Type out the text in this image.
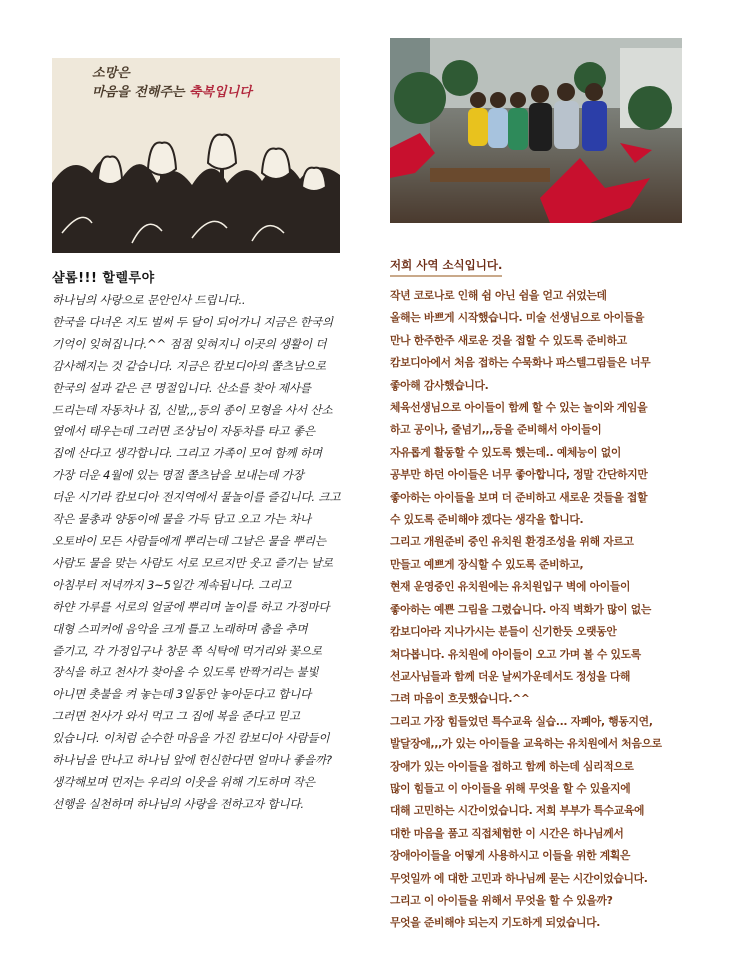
소망은
마음을 전해주는 축복입니다
샬롬!!! 할렐루야

하나님의 사랑으로 문안인사 드립니다..

한국을 다녀온 지도 벌써 두 달이 되어가니 지금은 한국의

기억이 잊혀집니다.^^ 점점 잊혀지니 이곳의 생활이 더

감사해지는 것 같습니다. 지금은 캄보디아의 쫄츠남으로

한국의 설과 같은 큰 명절입니다. 산소를 찾아 제사를

드리는데 자동차나 집, 신발,,,등의 종이 모형을 사서 산소

옆에서 태우는데 그러면 조상님이 자동차를 타고 좋은

집에 산다고 생각합니다. 그리고 가족이 모여 함께 하며

가장 더운 4월에 있는 명절 쫄츠남을 보내는데 가장

더운 시기라 캄보디아 전지역에서 물놀이를 즐깁니다. 크고

작은 물총과 양동이에 물을 가득 담고 오고 가는 차나

오토바이 모든 사람들에게 뿌리는데 그날은 물을 뿌리는

사람도 물을 맞는 사람도 서로 모르지만 웃고 즐기는 날로

아침부터 저녁까지 3~5일간 계속됩니다. 그리고

하얀 가루를 서로의 얼굴에 뿌리며 놀이를 하고 가정마다

대형 스피커에 음악을 크게 틀고 노래하며 춤을 추며

즐기고, 각 가정입구나 창문 쪽 식탁에 먹거리와 꽃으로

장식을 하고 천사가 찾아올 수 있도록 반짝거리는 불빛

아니면 촛불을 켜 놓는데 3일동안 놓아둔다고 합니다

그러면 천사가 와서 먹고 그 집에 복을 준다고 믿고

있습니다. 이처럼 순수한 마음을 가진 캄보디아 사람들이

하나님을 만나고 하나님 앞에 헌신한다면 얼마나 좋을까?

생각해보며 먼저는 우리의 이웃을 위해 기도하며 작은

선행을 실천하며 하나님의 사랑을 전하고자 합니다.

저희 사역 소식입니다.

작년 코로나로 인해 쉼 아닌 쉼을 얻고 쉬었는데

올해는 바쁘게 시작했습니다. 미술 선생님으로 아이들을

만나 한주한주 새로운 것을 접할 수 있도록 준비하고

캄보디아에서 처음 접하는 수묵화나 파스텔그림들은 너무

좋아해 감사했습니다.

체육선생님으로 아이들이 함께 할 수 있는 놀이와 게임을

하고 공이나, 줄넘기,,,등을 준비해서 아이들이

자유롭게 활동할 수 있도록 했는데.. 예체능이 없이

공부만 하던 아이들은 너무 좋아합니다, 정말 간단하지만

좋아하는 아이들을 보며 더 준비하고 새로운 것들을 접할

수 있도록 준비해야 겠다는 생각을 합니다.

그리고 개원준비 중인 유치원 환경조성을 위해 자르고

만들고 예쁘게 장식할 수 있도록 준비하고,

현재 운영중인 유치원에는 유치원입구 벽에 아이들이

좋아하는 예쁜 그림을 그렸습니다. 아직 벽화가 많이 없는

캄보디아라 지나가시는 분들이 신기한듯 오랫동안

쳐다봅니다. 유치원에 아이들이 오고 가며 볼 수 있도록

선교사님들과 함께 더운 날씨가운데서도 정성을 다해

그려 마음이 흐뭇했습니다.^^

그리고 가장 힘들었던 특수교육 실습... 자폐아, 행동지연,

발달장애,,,가 있는 아이들을 교육하는 유치원에서 처음으로

장애가 있는 아이들을 접하고 함께 하는데 심리적으로

많이 힘들고 이 아이들을 위해 무엇을 할 수 있을지에

대해 고민하는 시간이었습니다. 저희 부부가 특수교육에

대한 마음을 품고 직접체험한 이 시간은 하나님께서

장애아이들을 어떻게 사용하시고 이들을 위한 계획은

무엇일까 에 대한 고민과 하나님께 묻는 시간이었습니다.

그리고 이 아이들을 위해서 무엇을 할 수 있을까?

무엇을 준비해야 되는지 기도하게 되었습니다.
